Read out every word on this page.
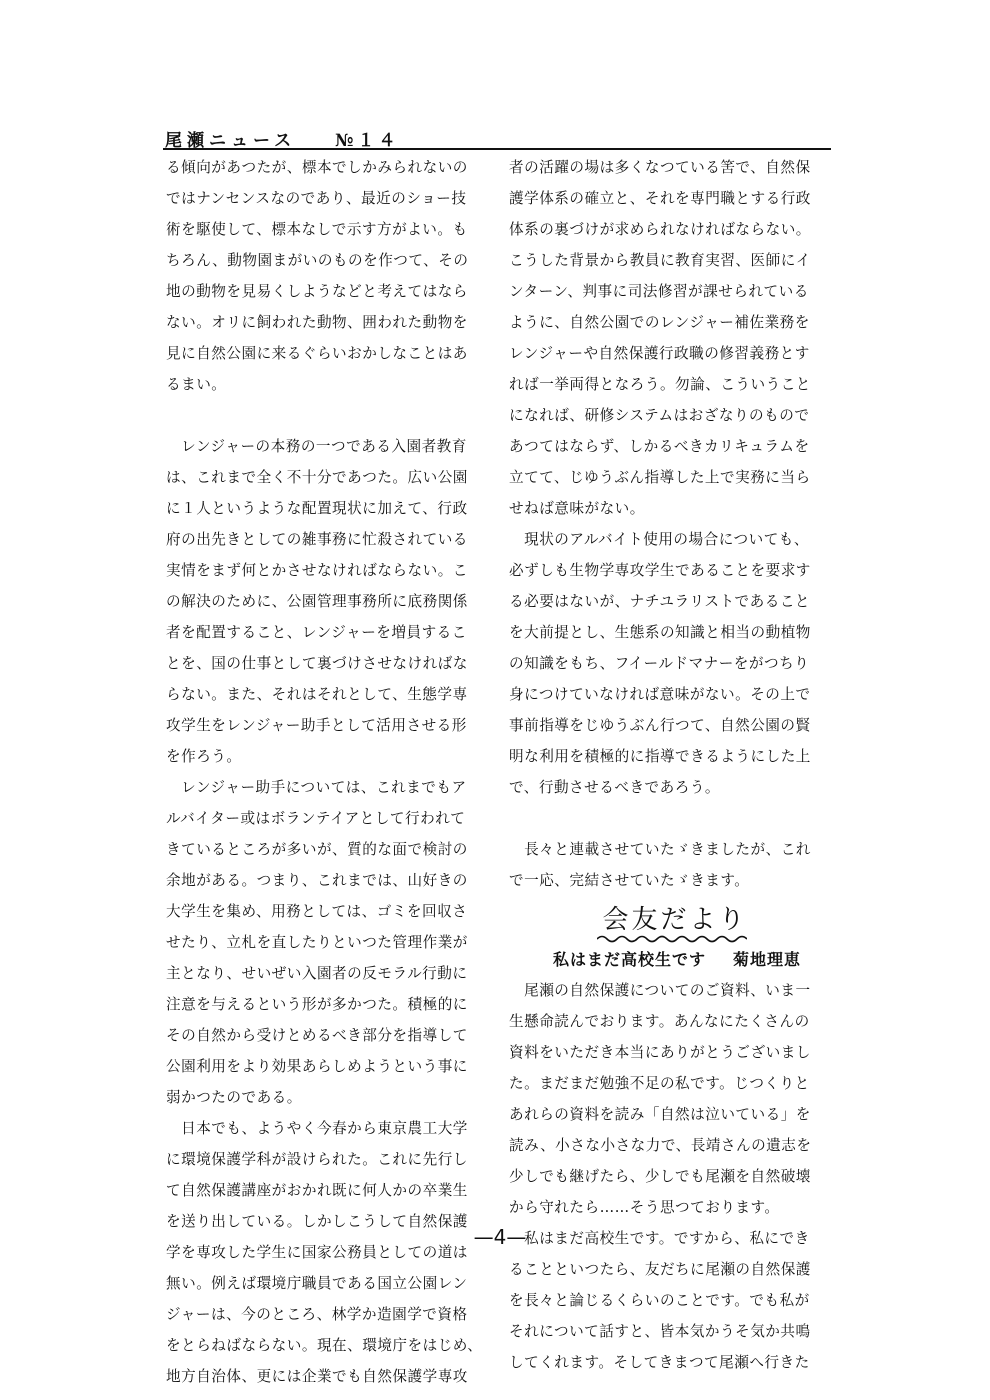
尾瀬ニュース №１４
る傾向があつたが、標本でしかみられないの
ではナンセンスなのであり、最近のショー技
術を駆使して、標本なしで示す方がよい。も
ちろん、動物園まがいのものを作つて、その
地の動物を見易くしようなどと考えてはなら
ない。オリに飼われた動物、囲われた動物を
見に自然公園に来るぐらいおかしなことはあ
るまい。
　レンジャーの本務の一つである入園者教育
は、これまで全く不十分であつた。広い公園
に１人というような配置現状に加えて、行政
府の出先きとしての雑事務に忙殺されている
実情をまず何とかさせなければならない。こ
の解決のために、公園管理事務所に底務関係
者を配置すること、レンジャーを増員するこ
とを、国の仕事として裏づけさせなければな
らない。また、それはそれとして、生態学専
攻学生をレンジャー助手として活用させる形
を作ろう。
　レンジャー助手については、これまでもア
ルバイター或はボランテイアとして行われて
きているところが多いが、質的な面で検討の
余地がある。つまり、これまでは、山好きの
大学生を集め、用務としては、ゴミを回収さ
せたり、立札を直したりといつた管理作業が
主となり、せいぜい入園者の反モラル行動に
注意を与えるという形が多かつた。積極的に
その自然から受けとめるべき部分を指導して
公園利用をより効果あらしめようという事に
弱かつたのである。
　日本でも、ようやく今春から東京農工大学
に環境保護学科が設けられた。これに先行し
て自然保護講座がおかれ既に何人かの卒業生
を送り出している。しかしこうして自然保護
学を専攻した学生に国家公務員としての道は
無い。例えば環境庁職員である国立公園レン
ジャーは、今のところ、林学か造園学で資格
をとらねばならない。現在、環境庁をはじめ、
地方自治体、更には企業でも自然保護学専攻
者の活躍の場は多くなつている筈で、自然保
護学体系の確立と、それを専門職とする行政
体系の裏づけが求められなければならない。
こうした背景から教員に教育実習、医師にイ
ンターン、判事に司法修習が課せられている
ように、自然公園でのレンジャー補佐業務を
レンジャーや自然保護行政職の修習義務とす
れば一挙両得となろう。勿論、こういうこと
になれば、研修システムはおざなりのもので
あつてはならず、しかるべきカリキュラムを
立てて、じゆうぶん指導した上で実務に当ら
せねば意味がない。
　現状のアルバイト使用の場合についても、
必ずしも生物学専攻学生であることを要求す
る必要はないが、ナチユラリストであること
を大前提とし、生態系の知識と相当の動植物
の知識をもち、フイールドマナーをがつちり
身につけていなければ意味がない。その上で
事前指導をじゆうぶん行つて、自然公園の賢
明な利用を積極的に指導できるようにした上
で、行動させるべきであろう。
　長々と連載させていたゞきましたが、これ
で一応、完結させていたゞきます。
会友だより
私はまだ高校生です 菊地理恵
　尾瀬の自然保護についてのご資料、いま一
生懸命読んでおります。あんなにたくさんの
資料をいただき本当にありがとうございまし
た。まだまだ勉強不足の私です。じつくりと
あれらの資料を読み「自然は泣いている」を
読み、小さな小さな力で、長靖さんの遺志を
少しでも継げたら、少しでも尾瀬を自然破壊
から守れたら……そう思つております。
　私はまだ高校生です。ですから、私にでき
ることといつたら、友だちに尾瀬の自然保護
を長々と論じるくらいのことです。でも私が
それについて話すと、皆本気かうそ気か共鳴
してくれます。そしてきまつて尾瀬へ行きた
—4—
